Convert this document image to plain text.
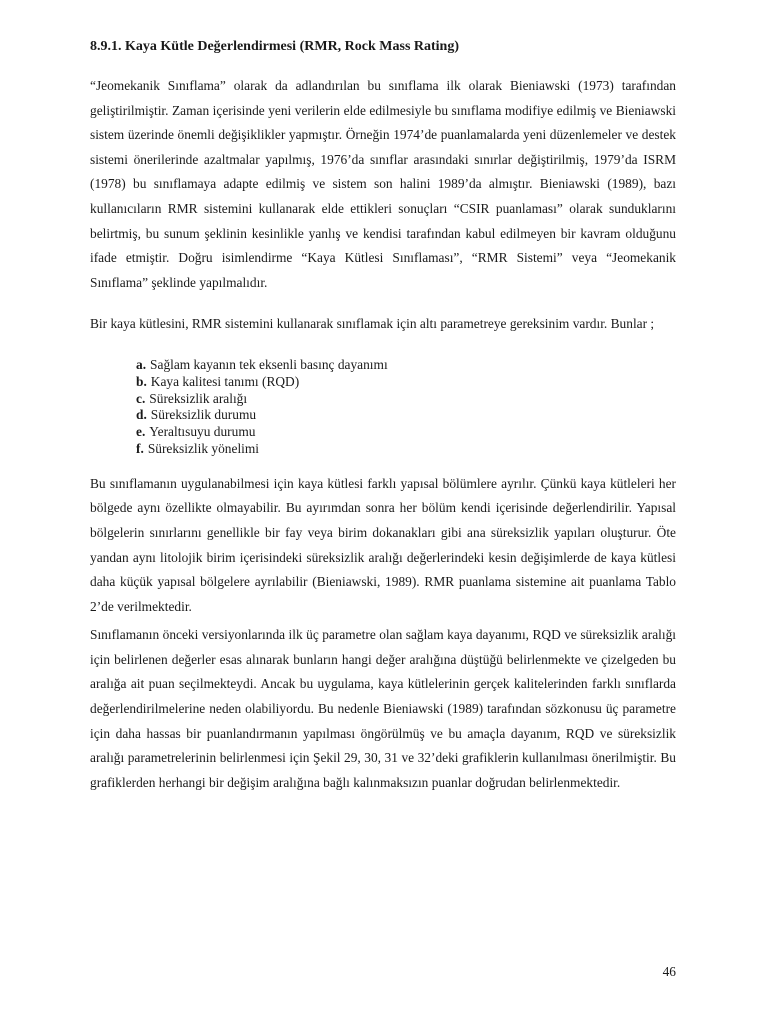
8.9.1. Kaya Kütle Değerlendirmesi (RMR, Rock Mass Rating)

“Jeomekanik Sınıflama” olarak da adlandırılan bu sınıflama ilk olarak Bieniawski (1973) tarafından geliştirilmiştir. Zaman içerisinde yeni verilerin elde edilmesiyle bu sınıflama modifiye edilmiş ve Bieniawski sistem üzerinde önemli değişiklikler yapmıştır. Örneğin 1974’de puanlamalarda yeni düzenlemeler ve destek sistemi önerilerinde azaltmalar yapılmış, 1976’da sınıflar arasındaki sınırlar değiştirilmiş, 1979’da ISRM (1978) bu sınıflamaya adapte edilmiş ve sistem son halini 1989’da almıştır. Bieniawski (1989), bazı kullanıcıların RMR sistemini kullanarak elde ettikleri sonuçları “CSIR puanlaması” olarak sunduklarını belirtmiş, bu sunum şeklinin kesinlikle yanlış ve kendisi tarafından kabul edilmeyen bir kavram olduğunu ifade etmiştir. Doğru isimlendirme “Kaya Kütlesi Sınıflaması”, “RMR Sistemi” veya “Jeomekanik Sınıflama” şeklinde yapılmalıdır.

Bir kaya kütlesini, RMR sistemini kullanarak sınıflamak için altı parametreye gereksinim vardır. Bunlar ;

a. Sağlam kayanın tek eksenli basınç dayanımı
b. Kaya kalitesi tanımı (RQD)
c. Süreksizlik aralığı
d. Süreksizlik durumu
e. Yeraltısuyu durumu
f. Süreksizlik yönelimi

Bu sınıflamanın uygulanabilmesi için kaya kütlesi farklı yapısal bölümlere ayrılır. Çünkü kaya kütleleri her bölgede aynı özellikte olmayabilir. Bu ayırımdan sonra her bölüm kendi içerisinde değerlendirilir. Yapısal bölgelerin sınırlarını genellikle bir fay veya birim dokanakları gibi ana süreksizlik yapıları oluşturur. Öte yandan aynı litolojik birim içerisindeki süreksizlik aralığı değerlerindeki kesin değişimlerde de kaya kütlesi daha küçük yapısal bölgelere ayrılabilir (Bieniawski, 1989). RMR puanlama sistemine ait puanlama Tablo 2’de verilmektedir.

Sınıflamanın önceki versiyonlarında ilk üç parametre olan sağlam kaya dayanımı, RQD ve süreksizlik aralığı için belirlenen değerler esas alınarak bunların hangi değer aralığına düştüğü belirlenmekte ve çizelgeden bu aralığa ait puan seçilmekteydi. Ancak bu uygulama, kaya kütlelerinin gerçek kalitelerinden farklı sınıflarda değerlendirilmelerine neden olabiliyordu. Bu nedenle Bieniawski (1989) tarafından sözkonusu üç parametre için daha hassas bir puanlandırmanın yapılması öngörülmüş ve bu amaçla dayanım, RQD ve süreksizlik aralığı parametrelerinin belirlenmesi için Şekil 29, 30, 31 ve 32’deki grafiklerin kullanılması önerilmiştir. Bu grafiklerden herhangi bir değişim aralığına bağlı kalınmaksızın puanlar doğrudan belirlenmektedir.

46
